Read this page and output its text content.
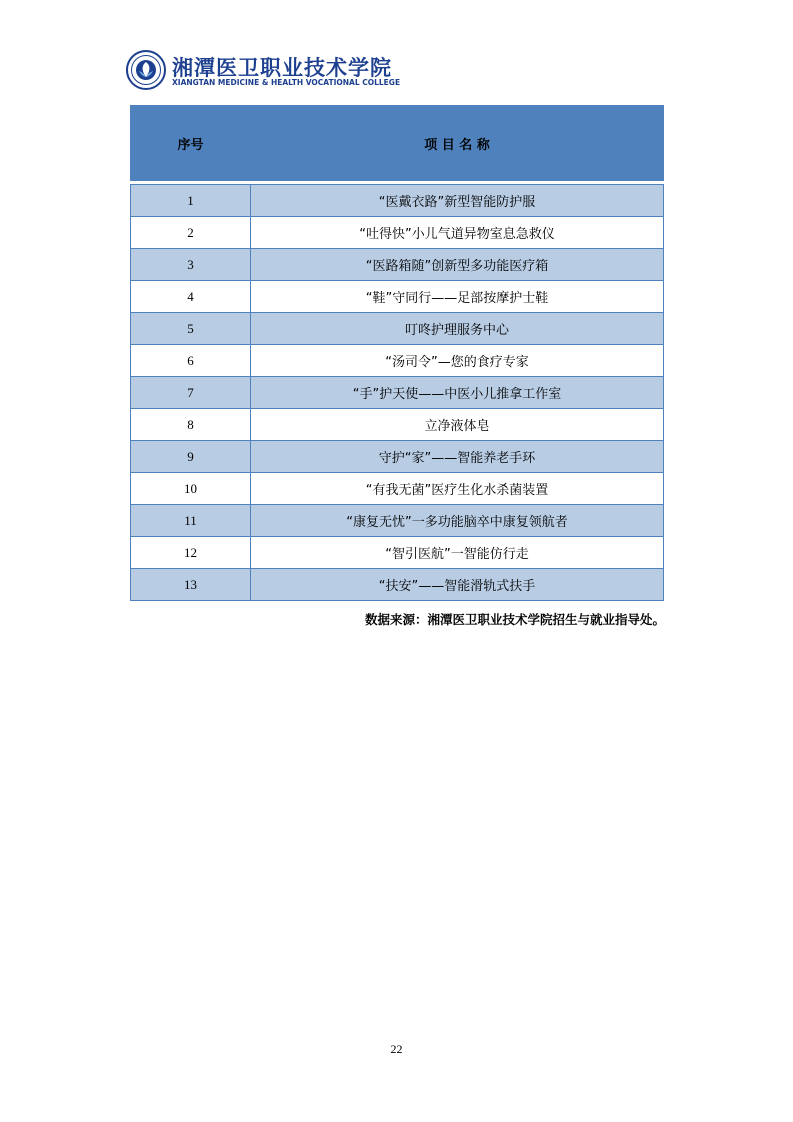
湘潭医卫职业技术学院
XIANGTAN MEDICINE & HEALTH VOCATIONAL COLLEGE
序号	项 目 名 称

1	“医戴衣路”新型智能防护服
2	“吐得快”小儿气道异物室息急救仪
3	“医路箱随”创新型多功能医疗箱
4	“鞋”守同行——足部按摩护士鞋
5	叮咚护理服务中心
6	“汤司令”—您的食疗专家
7	“手”护天使——中医小儿推拿工作室
8	立净液体皂
9	守护“家”——智能养老手环
10	“有我无菌”医疗生化水杀菌装置
11	“康复无忧”一多功能脑卒中康复领航者
12	“智引医航”一智能仿行走
13	“扶安”——智能滑轨式扶手
数据来源：湘潭医卫职业技术学院招生与就业指导处。
22
